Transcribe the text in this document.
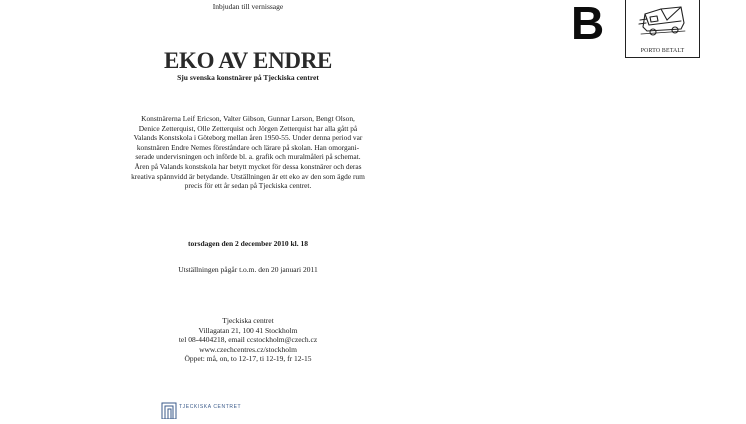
Inbjudan till vernissage
EKO AV ENDRE
Sju svenska konstnärer på Tjeckiska centret
Konstnärerna Leif Ericson, Valter Gibson, Gunnar Larson, Bengt Olson,
Denice Zetterquist, Olle Zetterquist och Jörgen Zetterquist har alla gått på
Valands Konstskola i Göteborg mellan åren 1950-55. Under denna period var
konstnären Endre Nemes föreståndare och lärare på skolan. Han omorgani-
serade undervisningen och införde bl. a. grafik och muralmåleri på schemat.
Åren på Valands konstskola har betytt mycket för dessa konstnärer och deras
kreativa spännvidd är betydande. Utställningen är ett eko av den som ägde rum
precis för ett år sedan på Tjeckiska centret.
torsdagen den 2 december 2010 kl. 18
Utställningen pågår t.o.m. den 20 januari 2011
Tjeckiska centret
Villagatan 21, 100 41 Stockholm
tel 08-4404218, email ccstockholm@czech.cz
www.czechcentres.cz/stockholm
Öppet: må, on, to 12-17, ti 12-19, fr 12-15
B
PORTO BETALT
TJECKISKA CENTRET
